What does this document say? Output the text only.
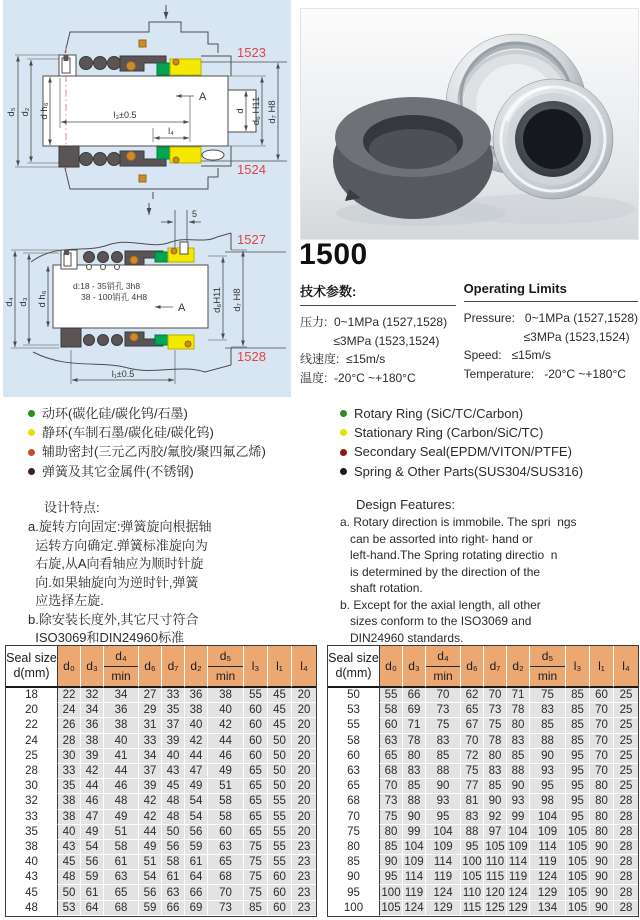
1523
1524
d₅ d₂ d h₆	d d₆ H11 d₇ H8
l₃±0.5
l₄
A
1527
1528
5
d:18 - 35销孔 3h8
38 - 100销孔 4H8
d₄ d₃ d h₆	d₆H11 d₇ H8
l₁±0.5
A
1500
技术参数:
压力:  0~1MPa (1527,1528)
≤3MPa (1523,1524)
线速度:  ≤15m/s
温度:  -20°C ~+180°C
Operating Limits
Pressure:   0~1MPa (1527,1528)
≤3MPa (1523,1524)
Speed:   ≤15m/s
Temperature:   -20°C ~+180°C
动环(碳化硅/碳化钨/石墨)
静环(车制石墨/碳化硅/碳化钨)
辅助密封(三元乙丙胶/氟胶/聚四氟乙烯)
弹簧及其它金属件(不锈钢)
Rotary Ring (SiC/TC/Carbon)
Stationary Ring (Carbon/SiC/TC)
Secondary Seal(EPDM/VITON/PTFE)
Spring & Other Parts(SUS304/SUS316)
设计特点:
a.旋转方向固定:弹簧旋向根据轴
运转方向确定.弹簧标准旋向为
右旋,从A向看轴应为顺时针旋
向.如果轴旋向为逆时针,弹簧
应选择左旋.
b.除安装长度外,其它尺寸符合
ISO3069和DIN24960标准
Design Features:
a. Rotary direction is immobile. The spri  ngs
can be assorted into right- hand or
left-hand.The Spring rotating directio  n
is determined by the direction of the
shaft rotation.
b. Except for the axial length, all other
sizes conform to the ISO3069 and
DIN24960 standards.
Seal size
d(mm)	d₀ d₃
d₄
min
d₆ d₇ d₂
d₅
min
l₃	l₁	l₄
18	22 32	34	27 33 36	38	55 45	20
20	24 34	36	29 35 38	40	60 45	20
22	26 36	38	31 37 40	42	60 45	20
24	28 38	40	33 39 42	44	60 50	20
25	30 39	41	34 40 44	46	60 50	20
28	33 42	44	37 43 47	49	65 50	20
30	35 44	46	39 45 49	51	65 50	20
32	38 46	48	42 48 54	58	65 55	20
33	38 47	49	42 48 54	58	65 55	20
35	40 49	51	44 50 56	60	65 55	20
38	43 54	58	49 56 59	63	75 55	23
40	45 56	61	51 58 61	65	75 55	23
43	48 59	63	54 61 64	68	75 60	23
45	50 61	65	56 63 66	70	75 60	23
48	53 64	68	59 66 69	73	85 60	23
Seal size
d(mm)	d₀ d₃
d₄
min
d₆ d₇ d₂
d₅
min
l₃	l₁	l₄
50	55 66	70	62 70 71	75	85 60	25
53	58 69	73	65 73 78	83	85 70	25
55	60 71	75	67 75 80	85	85 70	25
58	63 78	83	70 78 83	88	85 70	25
60	65 80	85	72 80 85	90	95 70	25
63	68 83	88	75 83 88	93	95 70	25
65	70 85	90	77 85 90	95	95 80	25
68	73 88	93	81 90 93	98	95 80	28
70	75 90	95	83 92 99	104	95 80	28
75	80 99	104	88 97 104 109 105 80	28
80	85 104 109	95 105 109 114 105 90	28
85	90 109 114 100 110 114 119 105 90	28
90	95 114 119 105 115 119 124 105 90	28
95	100 119 124 110 120 124 129 105 90	28
100	105 124 129 115 125 129 134 105 90	28
